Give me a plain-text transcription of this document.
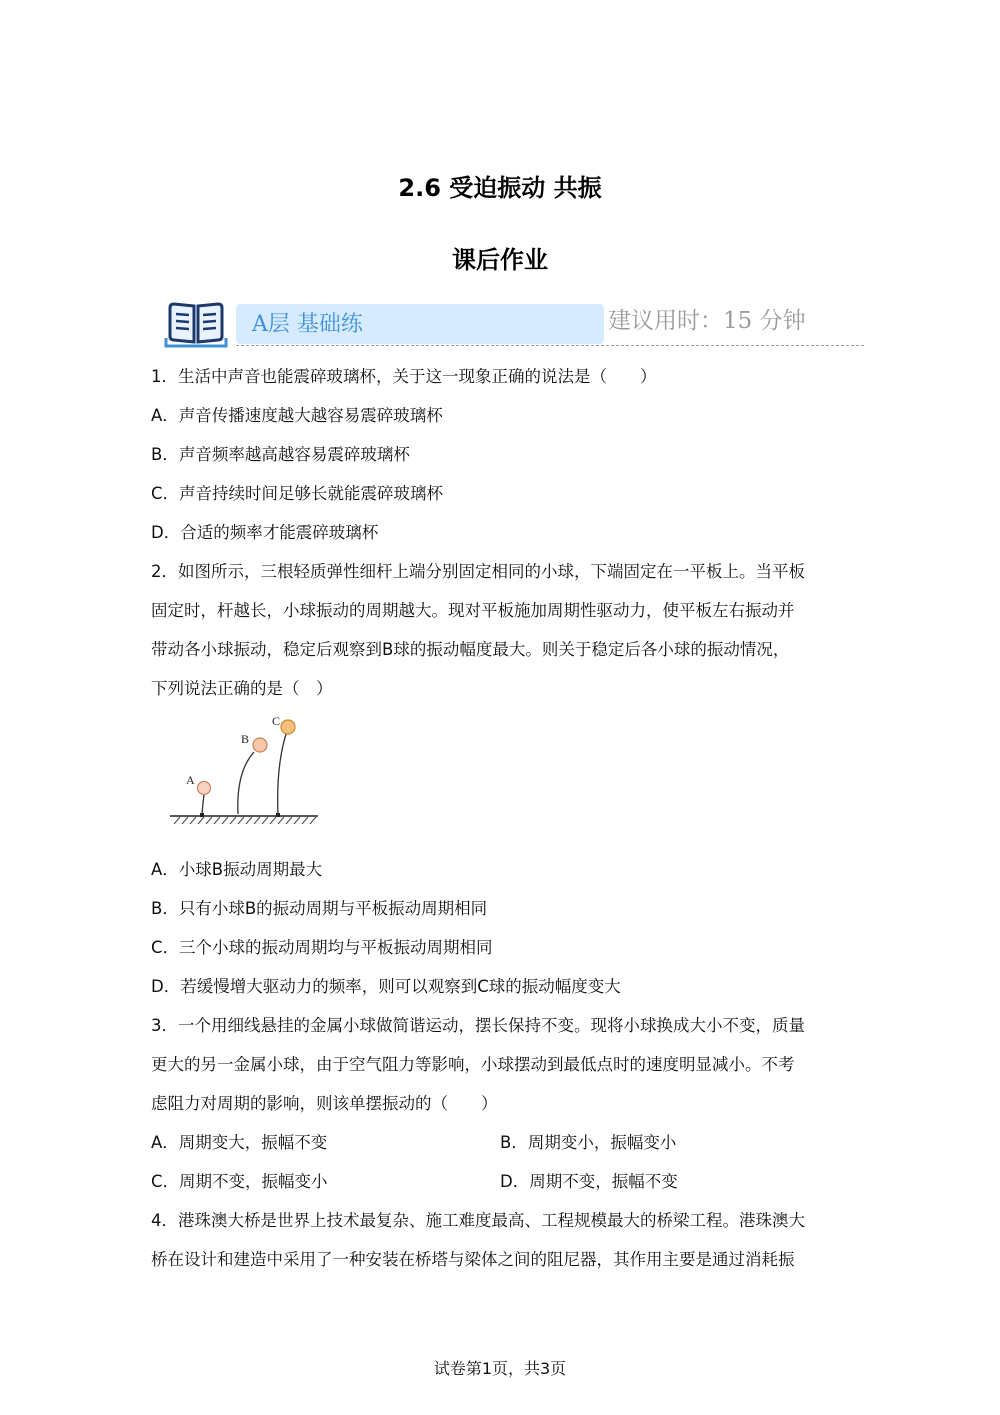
2.6 受迫振动 共振
课后作业
A层 基础练	建议用时：15 分钟
1．生活中声音也能震碎玻璃杯，关于这一现象正确的说法是（　　）
A．声音传播速度越大越容易震碎玻璃杯
B．声音频率越高越容易震碎玻璃杯
C．声音持续时间足够长就能震碎玻璃杯
D．合适的频率才能震碎玻璃杯
2．如图所示，三根轻质弹性细杆上端分别固定相同的小球，下端固定在一平板上。当平板
固定时，杆越长，小球振动的周期越大。现对平板施加周期性驱动力，使平板左右振动并
带动各小球振动，稳定后观察到B球的振动幅度最大。则关于稳定后各小球的振动情况，
下列说法正确的是（　）
A
B
C
A．小球B振动周期最大
B．只有小球B的振动周期与平板振动周期相同
C．三个小球的振动周期均与平板振动周期相同
D．若缓慢增大驱动力的频率，则可以观察到C球的振动幅度变大
3．一个用细线悬挂的金属小球做简谐运动，摆长保持不变。现将小球换成大小不变，质量
更大的另一金属小球，由于空气阻力等影响，小球摆动到最低点时的速度明显减小。不考
虑阻力对周期的影响，则该单摆振动的（　　）
A．周期变大，振幅不变	B．周期变小，振幅变小
C．周期不变，振幅变小	D．周期不变，振幅不变
4．港珠澳大桥是世界上技术最复杂、施工难度最高、工程规模最大的桥梁工程。港珠澳大
桥在设计和建造中采用了一种安装在桥塔与梁体之间的阻尼器，其作用主要是通过消耗振
试卷第1页，共3页
